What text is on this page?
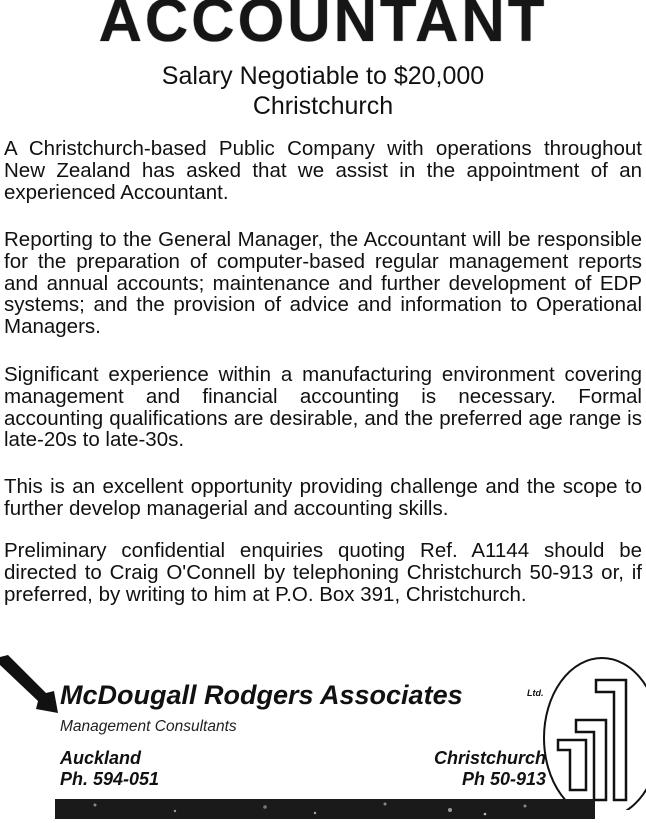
ACCOUNTANT
Salary Negotiable to $20,000
Christchurch

A Christchurch-based Public Company with operations throughout New Zealand has asked that we assist in the appointment of an experienced Accountant.

Reporting to the General Manager, the Accountant will be responsible for the preparation of computer-based regular management reports and annual accounts; maintenance and further development of EDP systems; and the provision of advice and information to Operational Managers.

Significant experience within a manufacturing environment covering management and financial accounting is necessary. Formal accounting qualifications are desirable, and the preferred age range is late-20s to late-30s.

This is an excellent opportunity providing challenge and the scope to further develop managerial and accounting skills.

Preliminary confidential enquiries quoting Ref. A1144 should be directed to Craig O'Connell by telephoning Christchurch 50-913 or, if preferred, by writing to him at P.O. Box 391, Christchurch.

McDougall Rodgers Associates	Ltd.
Management Consultants
Auckland
Ph. 594-051
Christchurch
Ph 50-913
